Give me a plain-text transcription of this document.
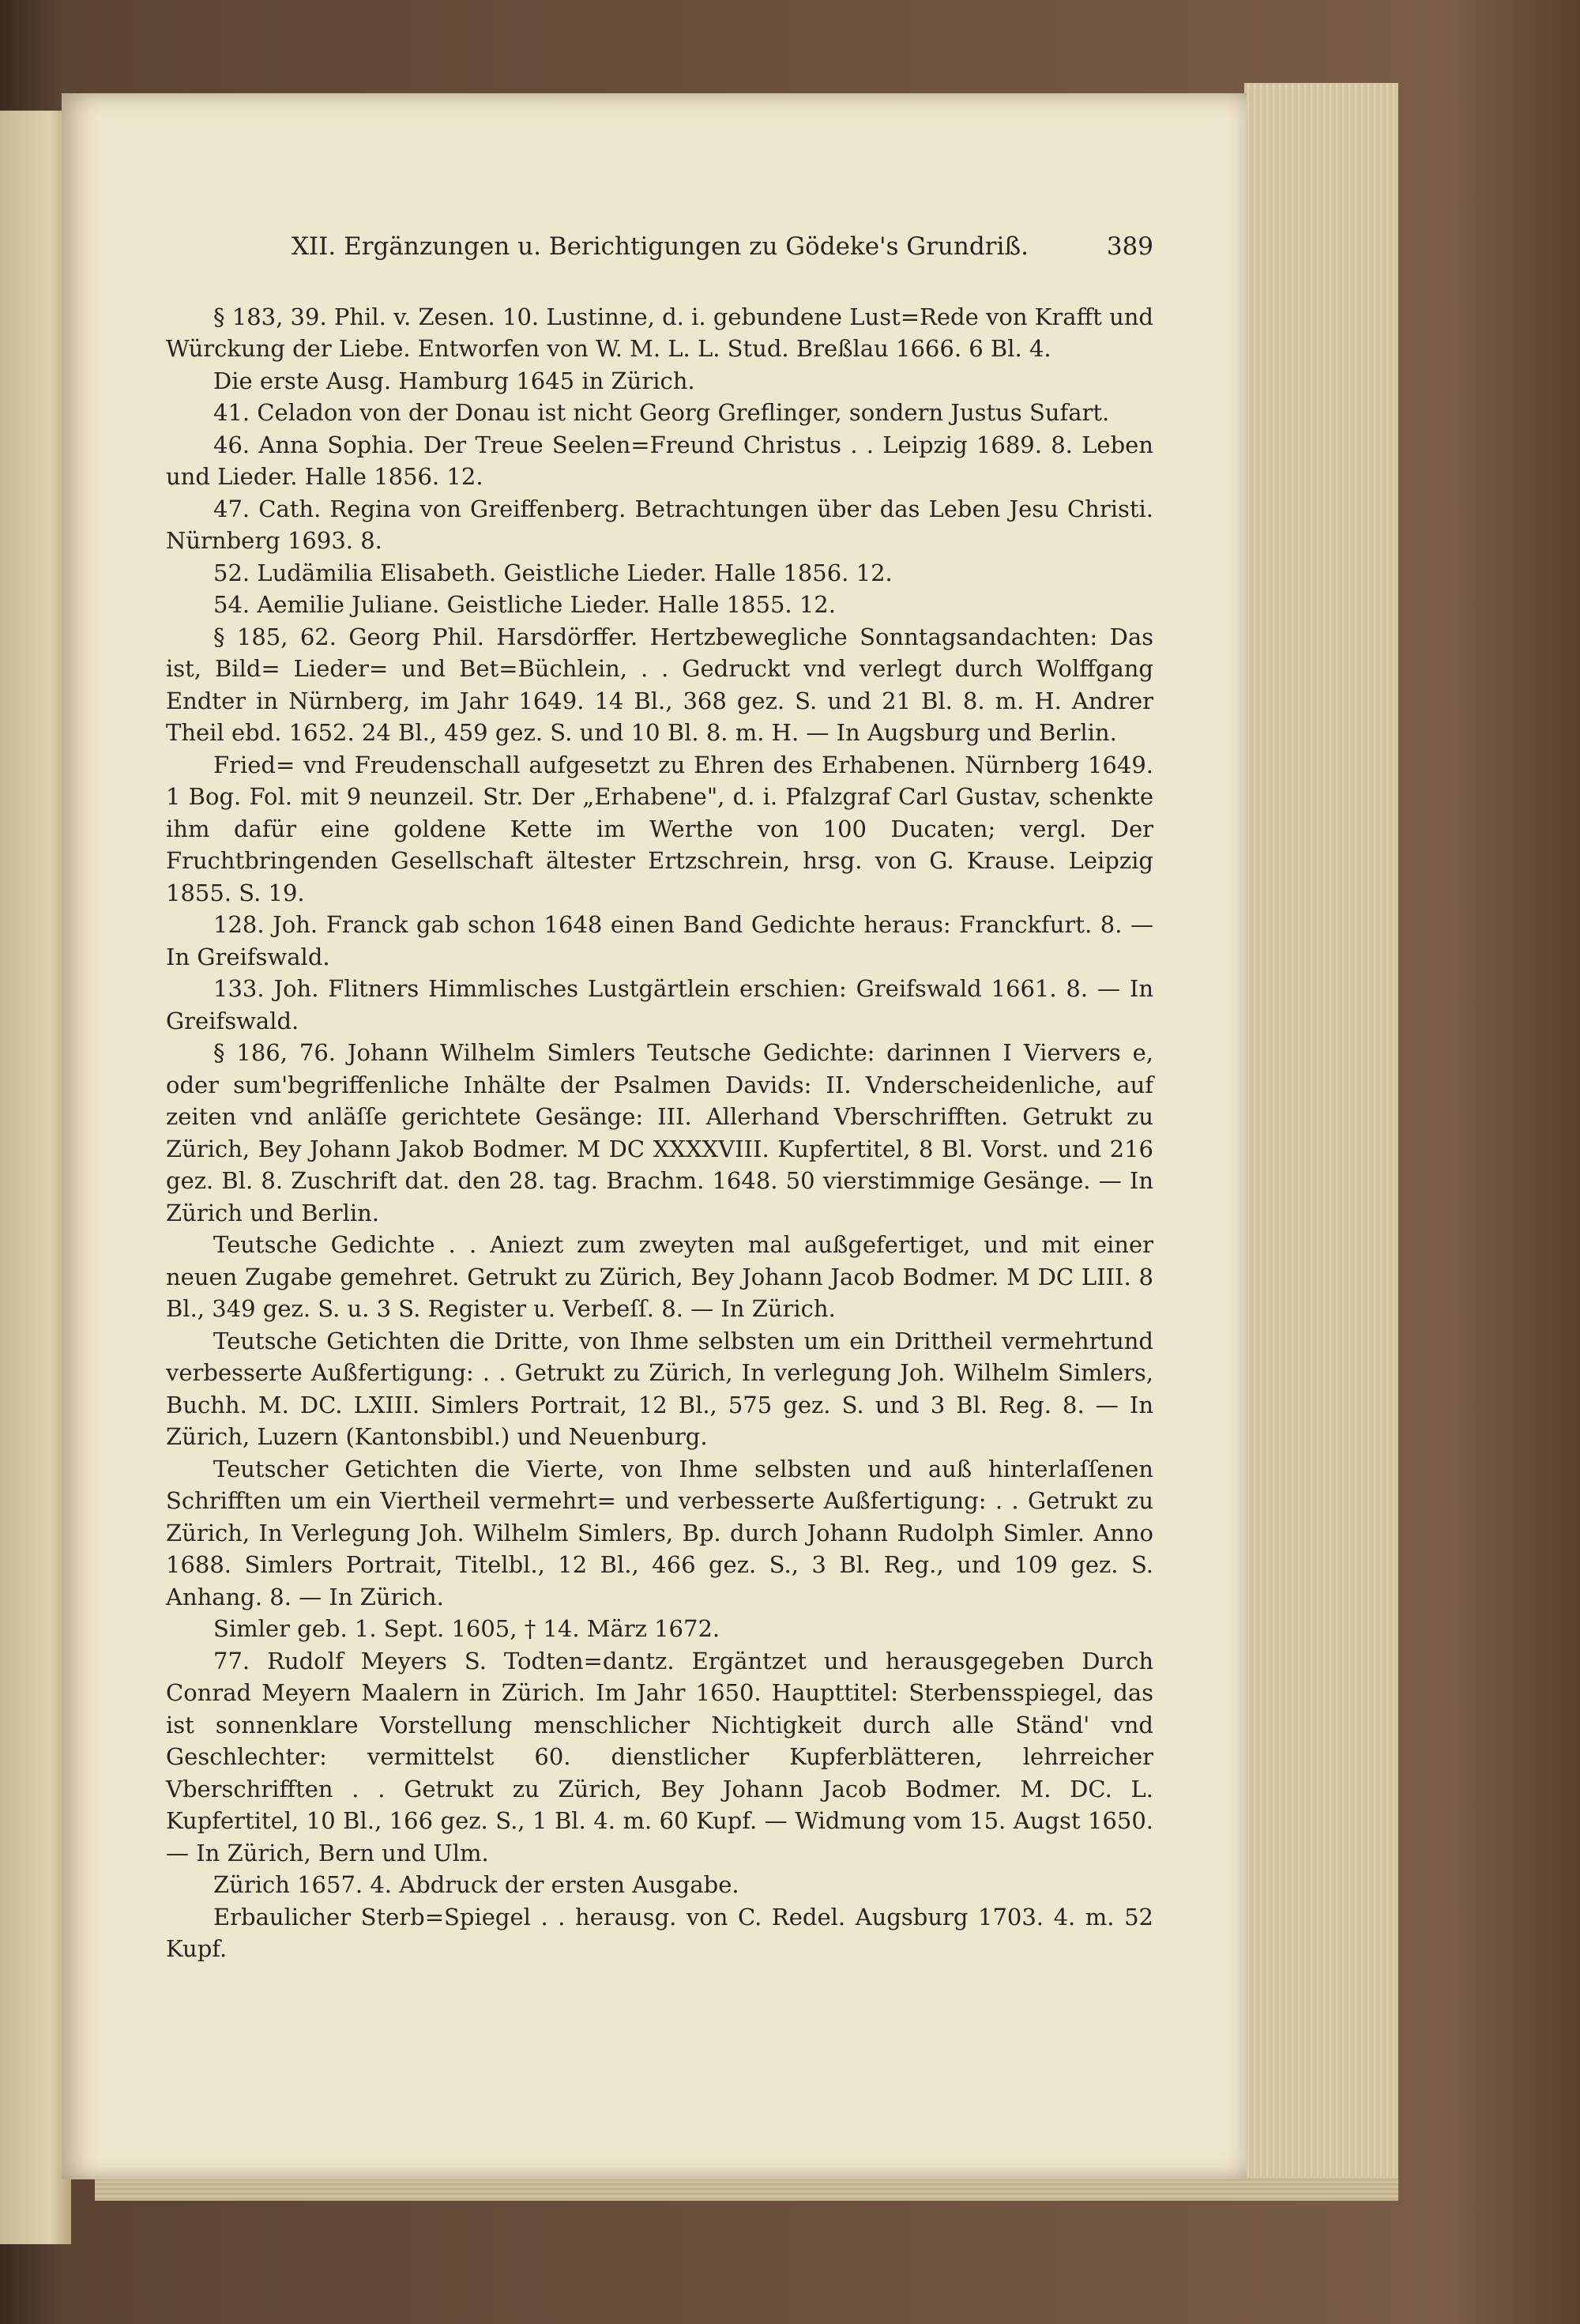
XII. Ergänzungen u. Berichtigungen zu Gödeke's Grundriß.	389

§ 183, 39. Phil. v. Zesen. 10. Lustinne, d. i. gebundene Lust=Rede von Krafft und Würckung der Liebe. Entworfen von W. M. L. L. Stud. Breßlau 1666. 6 Bl. 4.

Die erste Ausg. Hamburg 1645 in Zürich.

41. Celadon von der Donau ist nicht Georg Greflinger, sondern Justus Sufart.

46. Anna Sophia. Der Treue Seelen=Freund Christus . . Leipzig 1689. 8. Leben und Lieder. Halle 1856. 12.

47. Cath. Regina von Greiffenberg. Betrachtungen über das Leben Jesu Christi. Nürnberg 1693. 8.

52. Ludämilia Elisabeth. Geistliche Lieder. Halle 1856. 12.

54. Aemilie Juliane. Geistliche Lieder. Halle 1855. 12.

§ 185, 62. Georg Phil. Harsdörffer. Hertzbewegliche Sonntagsandachten: Das ist, Bild= Lieder= und Bet=Büchlein, . . Gedruckt vnd verlegt durch Wolffgang Endter in Nürnberg, im Jahr 1649. 14 Bl., 368 gez. S. und 21 Bl. 8. m. H. Andrer Theil ebd. 1652. 24 Bl., 459 gez. S. und 10 Bl. 8. m. H. — In Augsburg und Berlin.

Fried= vnd Freudenschall aufgesetzt zu Ehren des Erhabenen. Nürnberg 1649. 1 Bog. Fol. mit 9 neunzeil. Str. Der „Erhabene", d. i. Pfalzgraf Carl Gustav, schenkte ihm dafür eine goldene Kette im Werthe von 100 Ducaten; vergl. Der Fruchtbringenden Gesellschaft ältester Ertzschrein, hrsg. von G. Krause. Leipzig 1855. S. 19.

128. Joh. Franck gab schon 1648 einen Band Gedichte heraus: Franckfurt. 8. — In Greifswald.

133. Joh. Flitners Himmlisches Lustgärtlein erschien: Greifswald 1661. 8. — In Greifswald.

§ 186, 76. Johann Wilhelm Simlers Teutsche Gedichte: darinnen I Viervers e, oder sum'begriffenliche Inhälte der Psalmen Davids: II. Vnderscheidenliche, auf zeiten vnd anläſſe gerichtete Gesänge: III. Allerhand Vberschrifften. Getrukt zu Zürich, Bey Johann Jakob Bodmer. M DC XXXXVIII. Kupfertitel, 8 Bl. Vorst. und 216 gez. Bl. 8. Zuschrift dat. den 28. tag. Brachm. 1648. 50 vierstimmige Gesänge. — In Zürich und Berlin.

Teutsche Gedichte . . Aniezt zum zweyten mal außgefertiget, und mit einer neuen Zugabe gemehret. Getrukt zu Zürich, Bey Johann Jacob Bodmer. M DC LIII. 8 Bl., 349 gez. S. u. 3 S. Register u. Verbeſſ. 8. — In Zürich.

Teutsche Getichten die Dritte, von Ihme selbsten um ein Drittheil vermehrtund verbesserte Außfertigung: . . Getrukt zu Zürich, In verlegung Joh. Wilhelm Simlers, Buchh. M. DC. LXIII. Simlers Portrait, 12 Bl., 575 gez. S. und 3 Bl. Reg. 8. — In Zürich, Luzern (Kantonsbibl.) und Neuenburg.

Teutscher Getichten die Vierte, von Ihme selbsten und auß hinterlaſſenen Schrifften um ein Viertheil vermehrt= und verbesserte Außfertigung: . . Getrukt zu Zürich, In Verlegung Joh. Wilhelm Simlers, Bp. durch Johann Rudolph Simler. Anno 1688. Simlers Portrait, Titelbl., 12 Bl., 466 gez. S., 3 Bl. Reg., und 109 gez. S. Anhang. 8. — In Zürich.

Simler geb. 1. Sept. 1605, † 14. März 1672.

77. Rudolf Meyers S. Todten=dantz. Ergäntzet und herausgegeben Durch Conrad Meyern Maalern in Zürich. Im Jahr 1650. Haupttitel: Sterbensspiegel, das ist sonnenklare Vorstellung menschlicher Nichtigkeit durch alle Ständ' vnd Geschlechter: vermittelst 60. dienstlicher Kupferblätteren, lehrreicher Vberschrifften . . Getrukt zu Zürich, Bey Johann Jacob Bodmer. M. DC. L. Kupfertitel, 10 Bl., 166 gez. S., 1 Bl. 4. m. 60 Kupf. — Widmung vom 15. Augst 1650. — In Zürich, Bern und Ulm.

Zürich 1657. 4. Abdruck der ersten Ausgabe.

Erbaulicher Sterb=Spiegel . . herausg. von C. Redel. Augsburg 1703. 4. m. 52 Kupf.
